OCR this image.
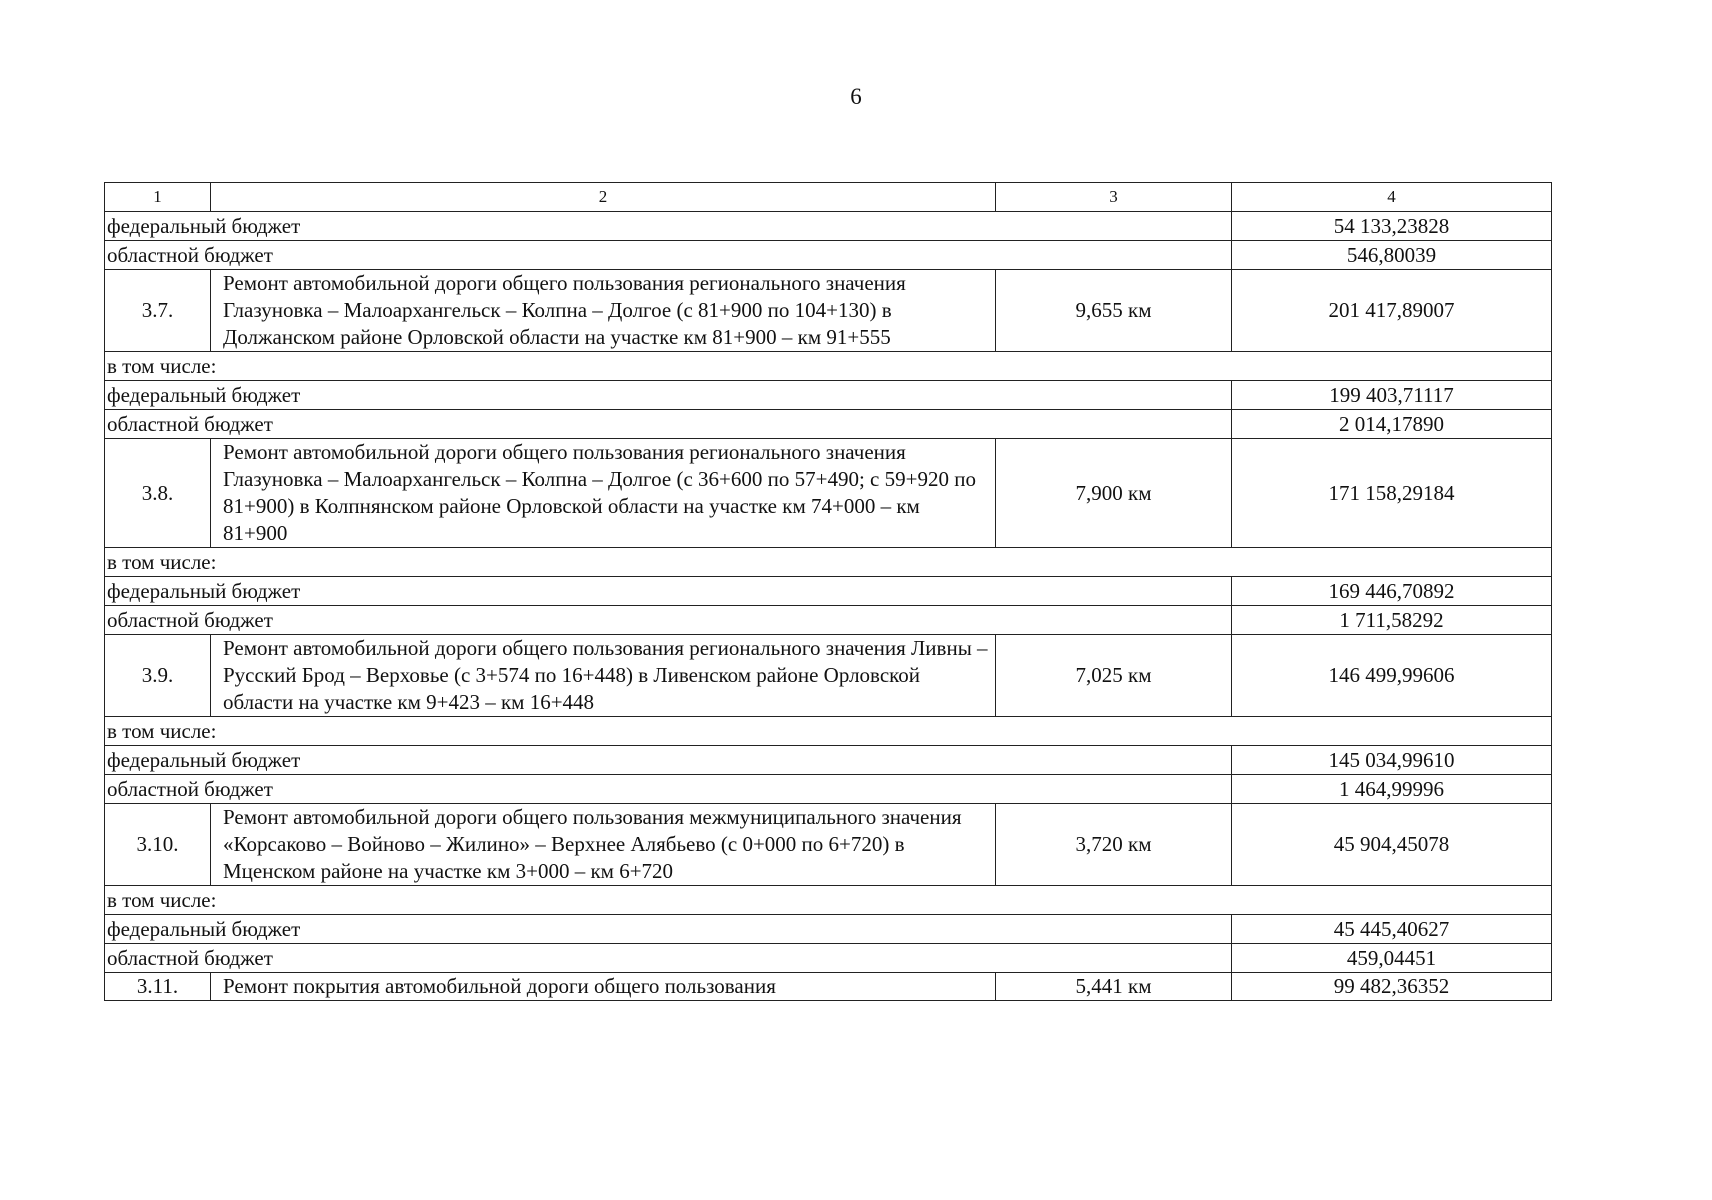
6
1	2	3	4
федеральный бюджет			54 133,23828
областной бюджет			546,80039
3.7.	Ремонт автомобильной дороги общего пользования регионального значения Глазуновка – Малоархангельск – Колпна – Долгое (с 81+900 по 104+130) в Должанском районе Орловской области на участке км 81+900 – км 91+555	9,655 км	201 417,89007
в том числе:			
федеральный бюджет			199 403,71117
областной бюджет			2 014,17890
3.8.	Ремонт автомобильной дороги общего пользования регионального значения Глазуновка – Малоархангельск – Колпна – Долгое (с 36+600 по 57+490; с 59+920 по 81+900) в Колпнянском районе Орловской области на участке км 74+000 – км 81+900	7,900 км	171 158,29184
в том числе:			
федеральный бюджет			169 446,70892
областной бюджет			1 711,58292
3.9.	Ремонт автомобильной дороги общего пользования регионального значения Ливны – Русский Брод – Верховье (с 3+574 по 16+448) в Ливенском районе Орловской области на участке км 9+423 – км 16+448	7,025 км	146 499,99606
в том числе:			
федеральный бюджет			145 034,99610
областной бюджет			1 464,99996
3.10.	Ремонт автомобильной дороги общего пользования межмуниципального значения «Корсаково – Войново – Жилино» – Верхнее Алябьево (с 0+000 по 6+720) в Мценском районе на участке км 3+000 – км 6+720	3,720 км	45 904,45078
в том числе:			
федеральный бюджет			45 445,40627
областной бюджет			459,04451
3.11.	Ремонт покрытия автомобильной дороги общего пользования	5,441 км	99 482,36352
